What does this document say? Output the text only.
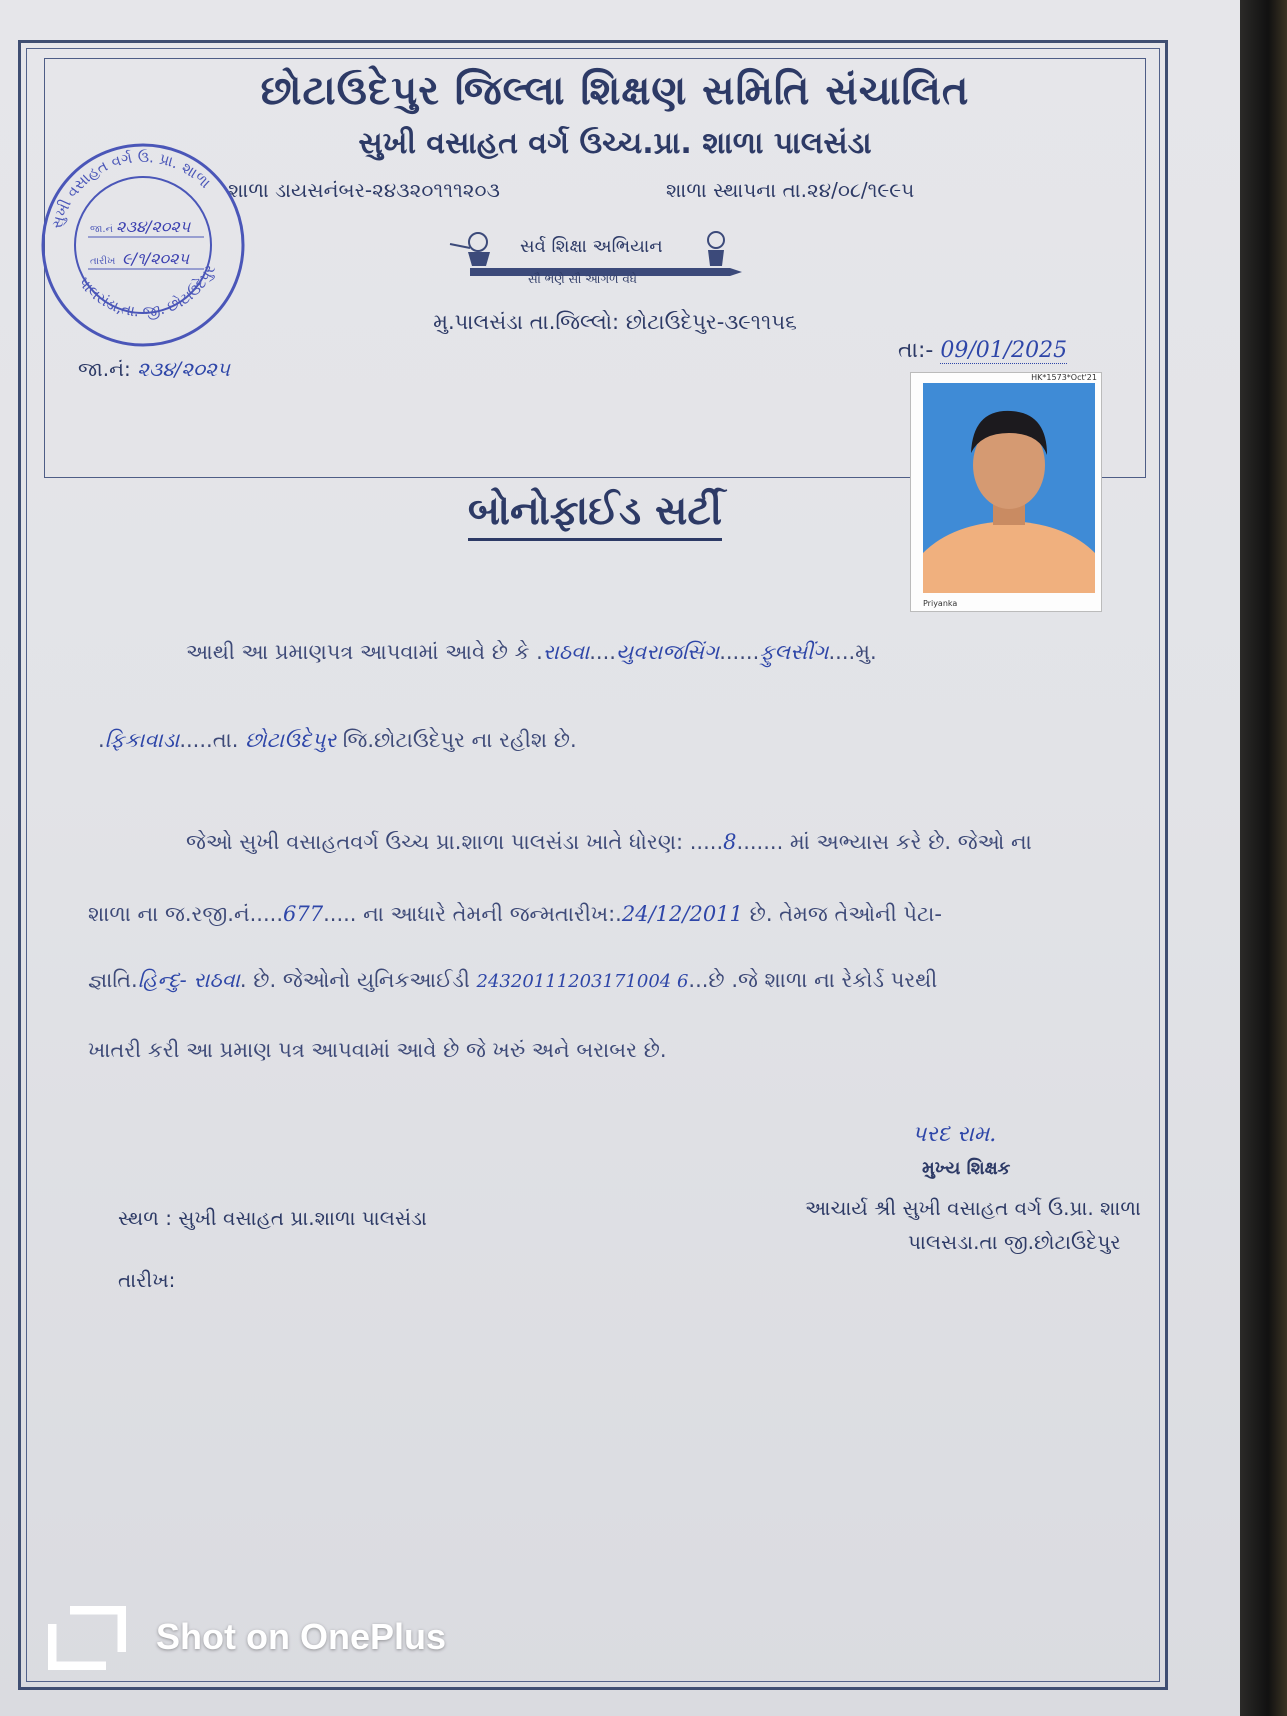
છોટાઉદેપુર જિલ્લા શિક્ષણ સમિતિ સંચાલિત
સુખી વસાહત વર્ગ ઉચ્ચ.પ્રા. શાળા પાલસંડા
શાળા ડાયસનંબર-૨૪૩૨૦૧૧૧૨૦૩	શાળા સ્થાપના તા.૨૪/૦૮/૧૯૯૫
સર્વ શિક્ષા અભિયાન
સૌ ભણે સૌ આગળ વધે
મુ.પાલસંડા તા.જિલ્લો: છોટાઉદેપુર-૩૯૧૧૫૬
તા:- 09/01/2025
જા.નં: ૨૩૪/૨૦૨૫
સુખી વસાહત વર્ગ ઉ. પ્રા. શાળા
પાલસંડા,તા. જી. છોટાઉદેપુર
જા.નં ૨૩૪/૨૦૨૫
તારીખ ૯/૧/૨૦૨૫
HK*1573*Oct'21
Priyanka
બોનોફાઈડ સર્ટી
આથી આ પ્રમાણપત્ર આપવામાં આવે છે કે .રાઠવા....યુવરાજસિંગ......ફુલસીંગ....મુ.
.ફિકાવાડા.....તા. છોટાઉદેપુર જિ.છોટાઉદેપુર ના રહીશ છે.
જેઓ સુખી વસાહતવર્ગ ઉચ્ચ પ્રા.શાળા પાલસંડા ખાતે ધોરણ: .....8....... માં અભ્યાસ કરે છે. જેઓ ના
શાળા ના જ.રજી.નં.....677..... ના આધારે તેમની જન્મતારીખ:.24/12/2011 છે. તેમજ તેઓની પેટા-
જ્ઞાતિ.હિન્દુ- રાઠવા. છે. જેઓનો યુનિકઆઈડી 24320111203171004 6...છે .જે શાળા ના રેકોર્ડ પરથી
ખાતરી કરી આ પ્રમાણ પત્ર આપવામાં આવે છે જે ખરું અને બરાબર છે.
પરદ રામ.
મુખ્ય શિક્ષક
આચાર્ય શ્રી સુખી વસાહત વર્ગ ઉ.પ્રા. શાળા
પાલસડા.તા જી.છોટાઉદેપુર
સ્થળ : સુખી વસાહત પ્રા.શાળા પાલસંડા
તારીખ:
Shot on OnePlus
